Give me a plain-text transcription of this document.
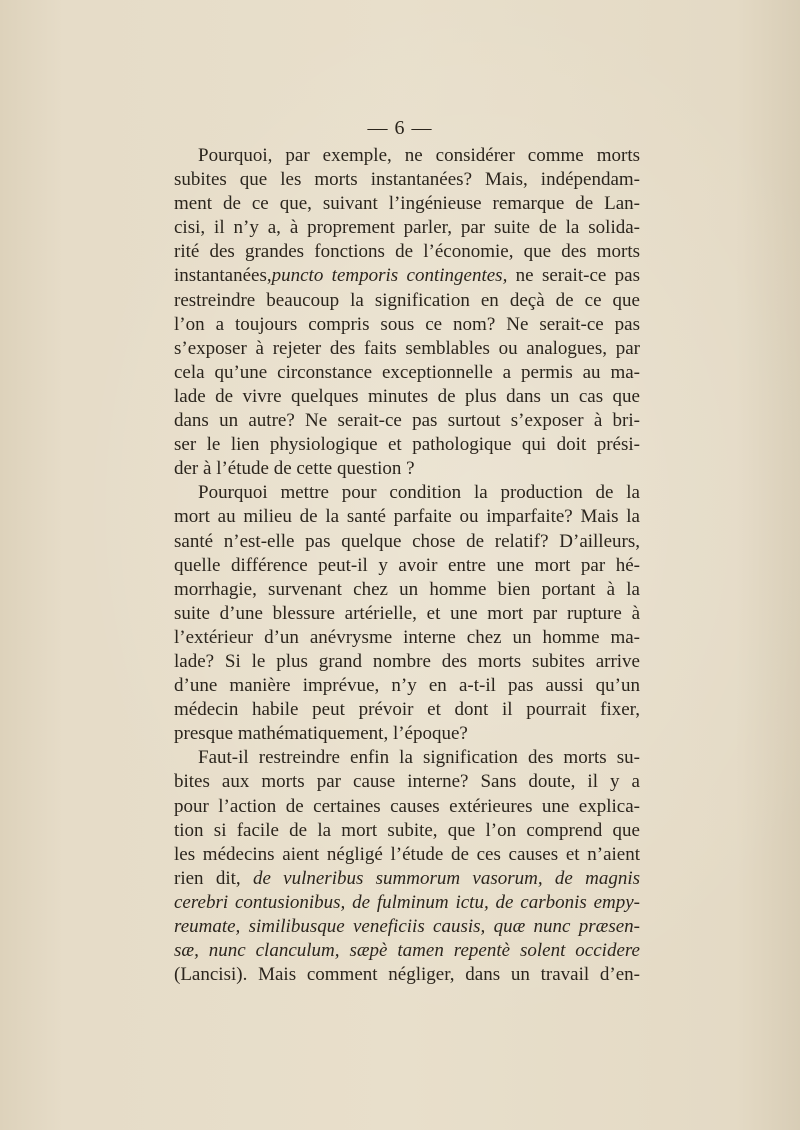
— 6 —
Pourquoi, par exemple, ne considérer comme morts
subites que les morts instantanées? Mais, indépendam-
ment de ce que, suivant l’ingénieuse remarque de Lan-
cisi, il n’y a, à proprement parler, par suite de la solida-
rité des grandes fonctions de l’économie, que des morts
instantanées,puncto temporis contingentes, ne serait-ce pas
restreindre beaucoup la signification en deçà de ce que
l’on a toujours compris sous ce nom? Ne serait-ce pas
s’exposer à rejeter des faits semblables ou analogues, par
cela qu’une circonstance exceptionnelle a permis au ma-
lade de vivre quelques minutes de plus dans un cas que
dans un autre? Ne serait-ce pas surtout s’exposer à bri-
ser le lien physiologique et pathologique qui doit prési-
der à l’étude de cette question ?
Pourquoi mettre pour condition la production de la
mort au milieu de la santé parfaite ou imparfaite? Mais la
santé n’est-elle pas quelque chose de relatif? D’ailleurs,
quelle différence peut-il y avoir entre une mort par hé-
morrhagie, survenant chez un homme bien portant à la
suite d’une blessure artérielle, et une mort par rupture à
l’extérieur d’un anévrysme interne chez un homme ma-
lade? Si le plus grand nombre des morts subites arrive
d’une manière imprévue, n’y en a-t-il pas aussi qu’un
médecin habile peut prévoir et dont il pourrait fixer,
presque mathématiquement, l’époque?
Faut-il restreindre enfin la signification des morts su-
bites aux morts par cause interne? Sans doute, il y a
pour l’action de certaines causes extérieures une explica-
tion si facile de la mort subite, que l’on comprend que
les médecins aient négligé l’étude de ces causes et n’aient
rien dit, de vulneribus summorum vasorum, de magnis
cerebri contusionibus, de fulminum ictu, de carbonis empy-
reumate, similibusque veneficiis causis, quæ nunc præsen-
sæ, nunc clanculum, sæpè tamen repentè solent occidere
(Lancisi). Mais comment négliger, dans un travail d’en-
